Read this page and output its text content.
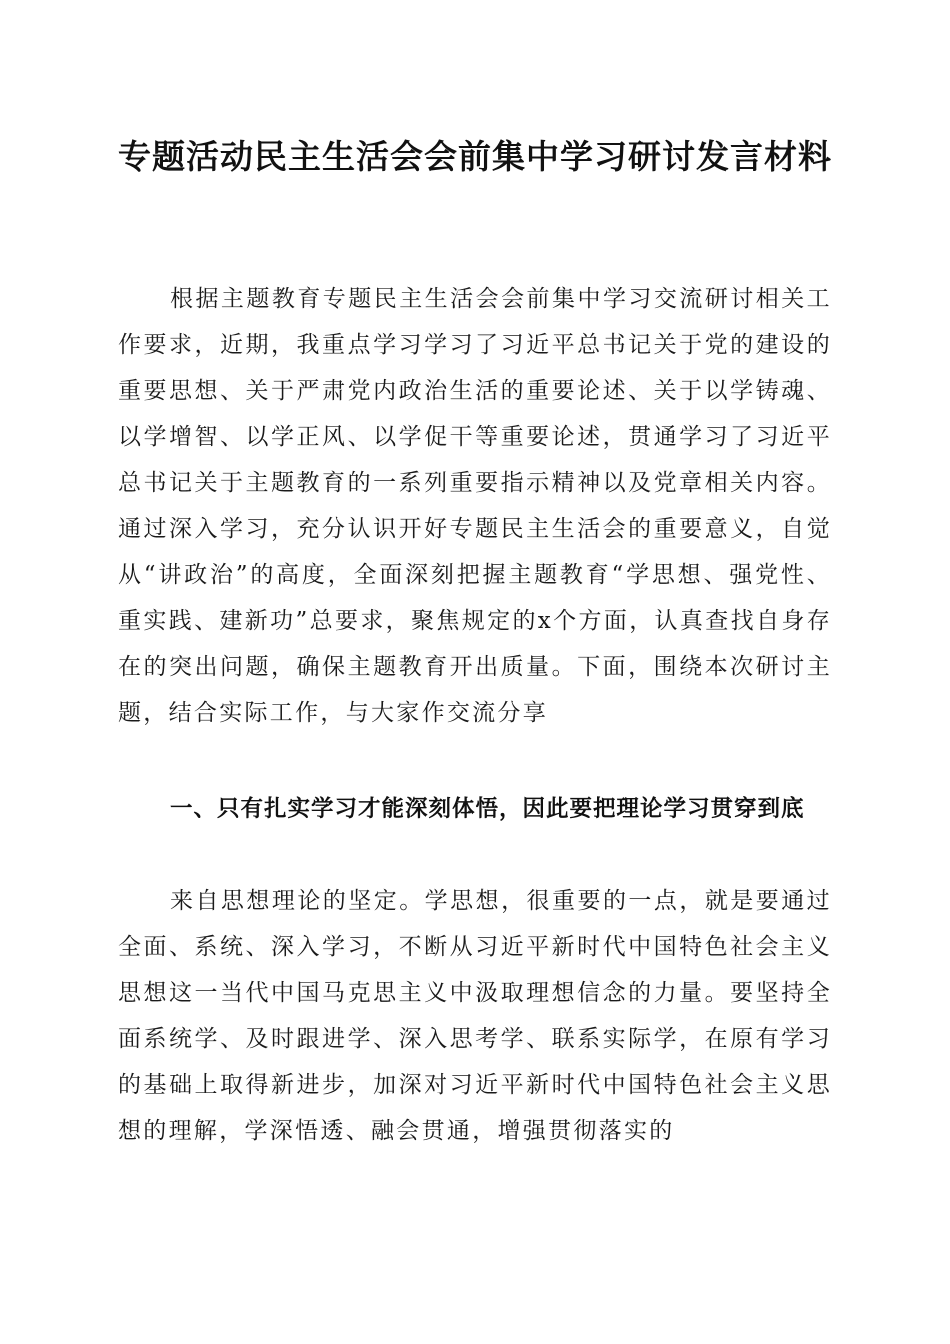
专题活动民主生活会会前集中学习研讨发言材料

根据主题教育专题民主生活会会前集中学习交流研讨相关工作要求，近期，我重点学习学习了习近平总书记关于党的建设的重要思想、关于严肃党内政治生活的重要论述、关于以学铸魂、以学增智、以学正风、以学促干等重要论述，贯通学习了习近平总书记关于主题教育的一系列重要指示精神以及党章相关内容。通过深入学习，充分认识开好专题民主生活会的重要意义，自觉从“讲政治”的高度，全面深刻把握主题教育“学思想、强党性、重实践、建新功”总要求，聚焦规定的x个方面，认真查找自身存在的突出问题，确保主题教育开出质量。下面，围绕本次研讨主题，结合实际工作，与大家作交流分享

一、只有扎实学习才能深刻体悟，因此要把理论学习贯穿到底

来自思想理论的坚定。学思想，很重要的一点，就是要通过全面、系统、深入学习，不断从习近平新时代中国特色社会主义思想这一当代中国马克思主义中汲取理想信念的力量。要坚持全面系统学、及时跟进学、深入思考学、联系实际学，在原有学习的基础上取得新进步，加深对习近平新时代中国特色社会主义思想的理解，学深悟透、融会贯通，增强贯彻落实的
